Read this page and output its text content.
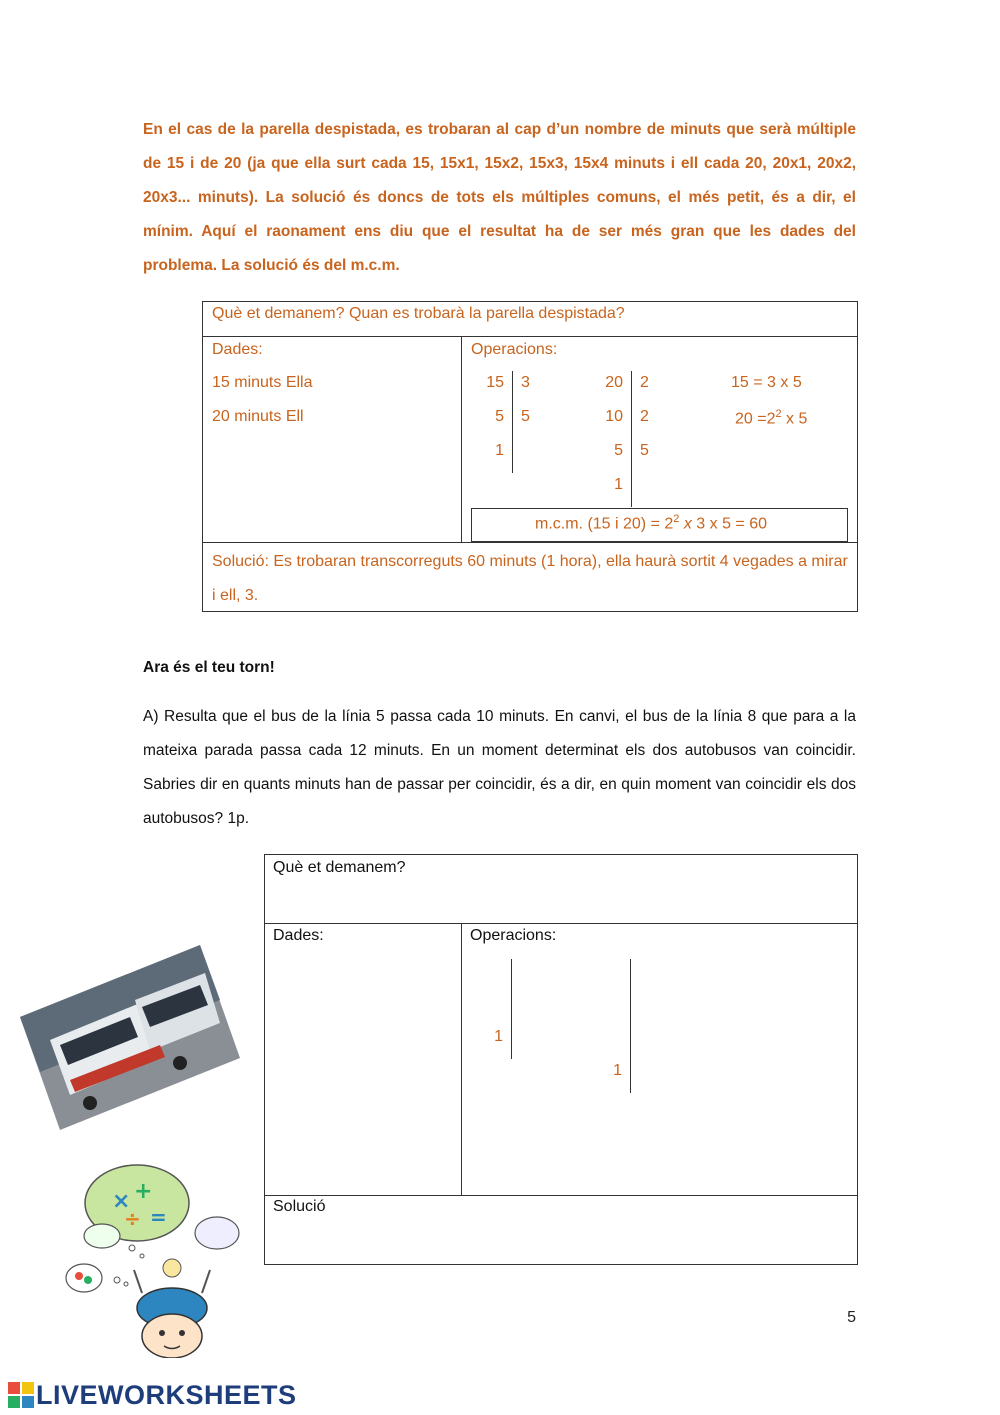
En el cas de la parella despistada, es trobaran al cap d’un nombre de minuts que serà múltiple de 15 i de 20 (ja que ella surt cada 15, 15x1, 15x2, 15x3, 15x4 minuts i ell cada 20, 20x1, 20x2, 20x3... minuts). La solució és doncs de tots els múltiples comuns, el més petit, és a dir, el mínim. Aquí el raonament ens diu que el resultat ha de ser més gran que les dades del problema. La solució és del m.c.m.

Què et demanem? Quan es trobarà la parella despistada?
Dades:
15 minuts Ella
20 minuts Ell
Operacions:
15
5
1
3
5
20
10
5
1
2
2
5
15 = 3 x 5
$20 =2^2$ x 5
m.c.m. (15 i $20) = 2^2$ x 3 x 5 = 60
Solució: Es trobaran transcorreguts 60 minuts (1 hora), ella haurà sortit 4 vegades a mirar i ell, 3.
Ara és el teu torn!
A) Resulta que el bus de la línia 5 passa cada 10 minuts. En canvi, el bus de la línia 8 que para a la mateixa parada passa cada 12 minuts. En un moment determinat els dos autobusos van coincidir. Sabries dir en quants minuts han de passar per coincidir, és a dir, en quin moment van coincidir els dos autobusos? 1p.
Què et demanem?
Dades:	Operacions:
1
1
Solució
× +
÷ =
5
LIVEWORKSHEETS
